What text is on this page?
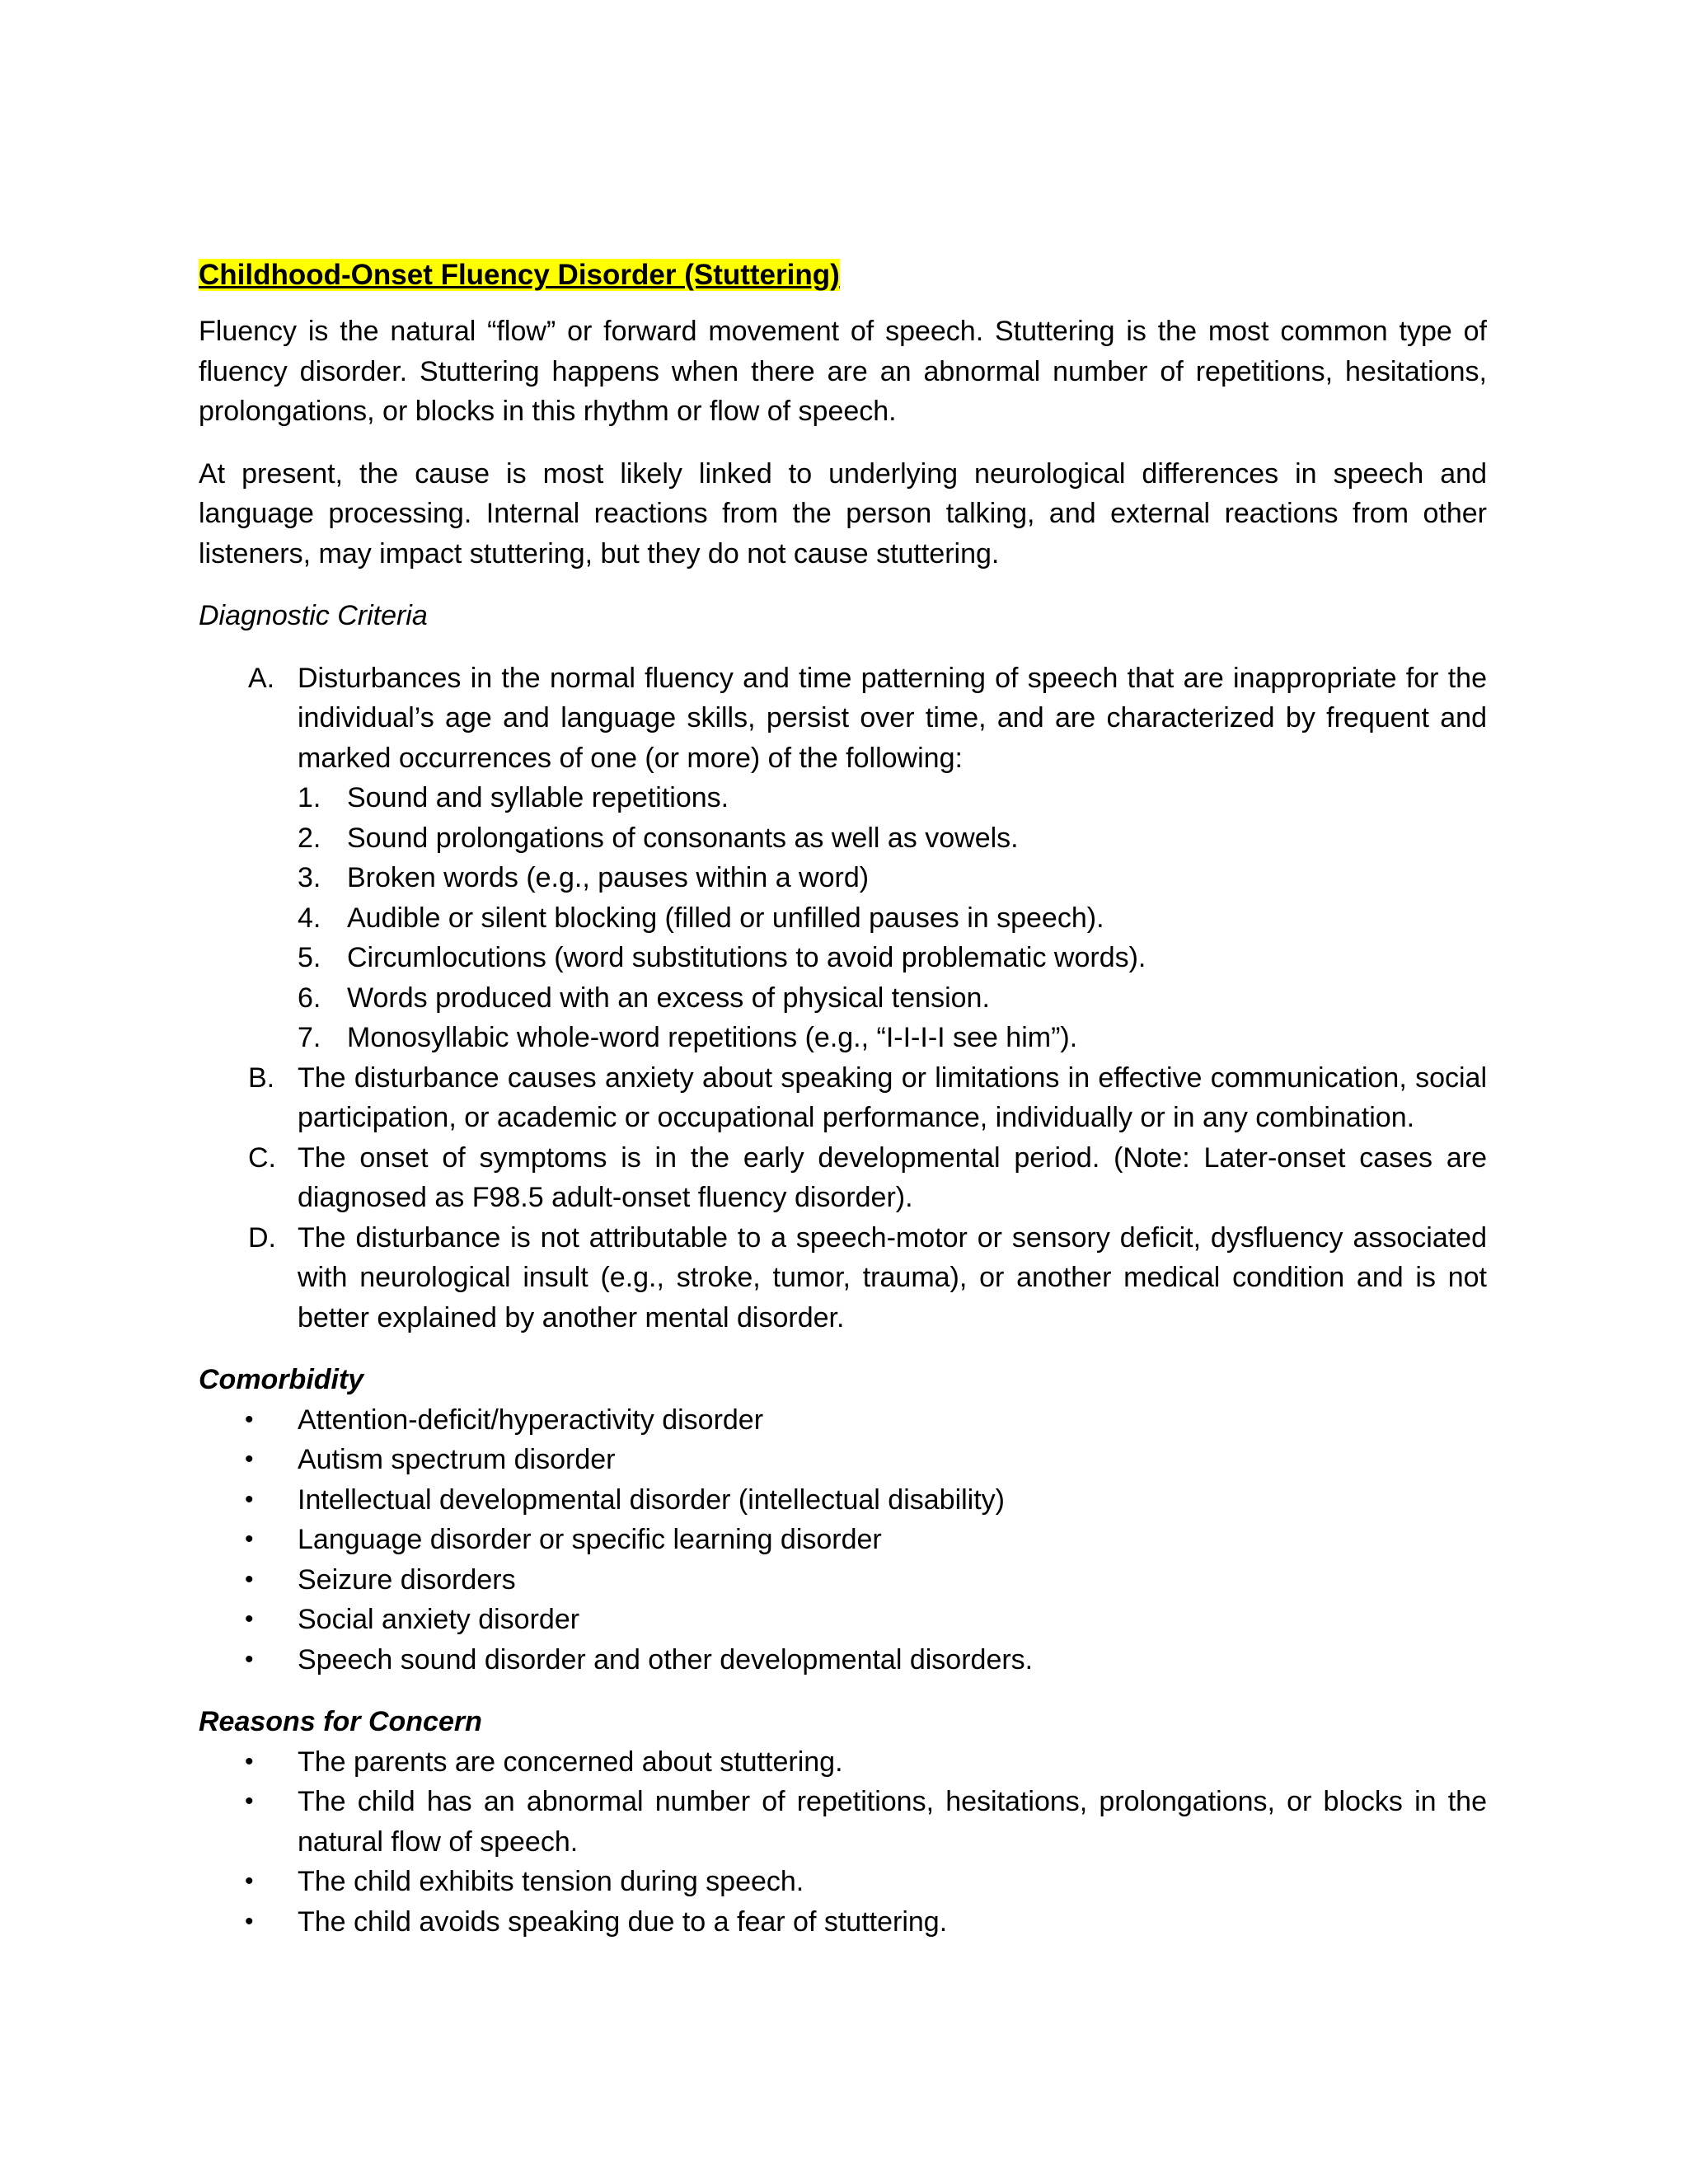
Childhood-Onset Fluency Disorder (Stuttering)

Fluency is the natural “flow” or forward movement of speech. Stuttering is the most common type of fluency disorder. Stuttering happens when there are an abnormal number of repetitions, hesitations, prolongations, or blocks in this rhythm or flow of speech.

At present, the cause is most likely linked to underlying neurological differences in speech and language processing. Internal reactions from the person talking, and external reactions from other listeners, may impact stuttering, but they do not cause stuttering.

Diagnostic Criteria
A. Disturbances in the normal fluency and time patterning of speech that are inappropriate for the individual’s age and language skills, persist over time, and are characterized by frequent and marked occurrences of one (or more) of the following:
1. Sound and syllable repetitions.
2. Sound prolongations of consonants as well as vowels.
3. Broken words (e.g., pauses within a word)
4. Audible or silent blocking (filled or unfilled pauses in speech).
5. Circumlocutions (word substitutions to avoid problematic words).
6. Words produced with an excess of physical tension.
7. Monosyllabic whole-word repetitions (e.g., “I-I-I-I see him”).
B. The disturbance causes anxiety about speaking or limitations in effective communication, social participation, or academic or occupational performance, individually or in any combination.
C. The onset of symptoms is in the early developmental period. (Note: Later-onset cases are diagnosed as F98.5 adult-onset fluency disorder).
D. The disturbance is not attributable to a speech-motor or sensory deficit, dysfluency associated with neurological insult (e.g., stroke, tumor, trauma), or another medical condition and is not better explained by another mental disorder.
Comorbidity
• Attention-deficit/hyperactivity disorder
• Autism spectrum disorder
• Intellectual developmental disorder (intellectual disability)
• Language disorder or specific learning disorder
• Seizure disorders
• Social anxiety disorder
• Speech sound disorder and other developmental disorders.
Reasons for Concern
• The parents are concerned about stuttering.
• The child has an abnormal number of repetitions, hesitations, prolongations, or blocks in the natural flow of speech.
• The child exhibits tension during speech.
• The child avoids speaking due to a fear of stuttering.
